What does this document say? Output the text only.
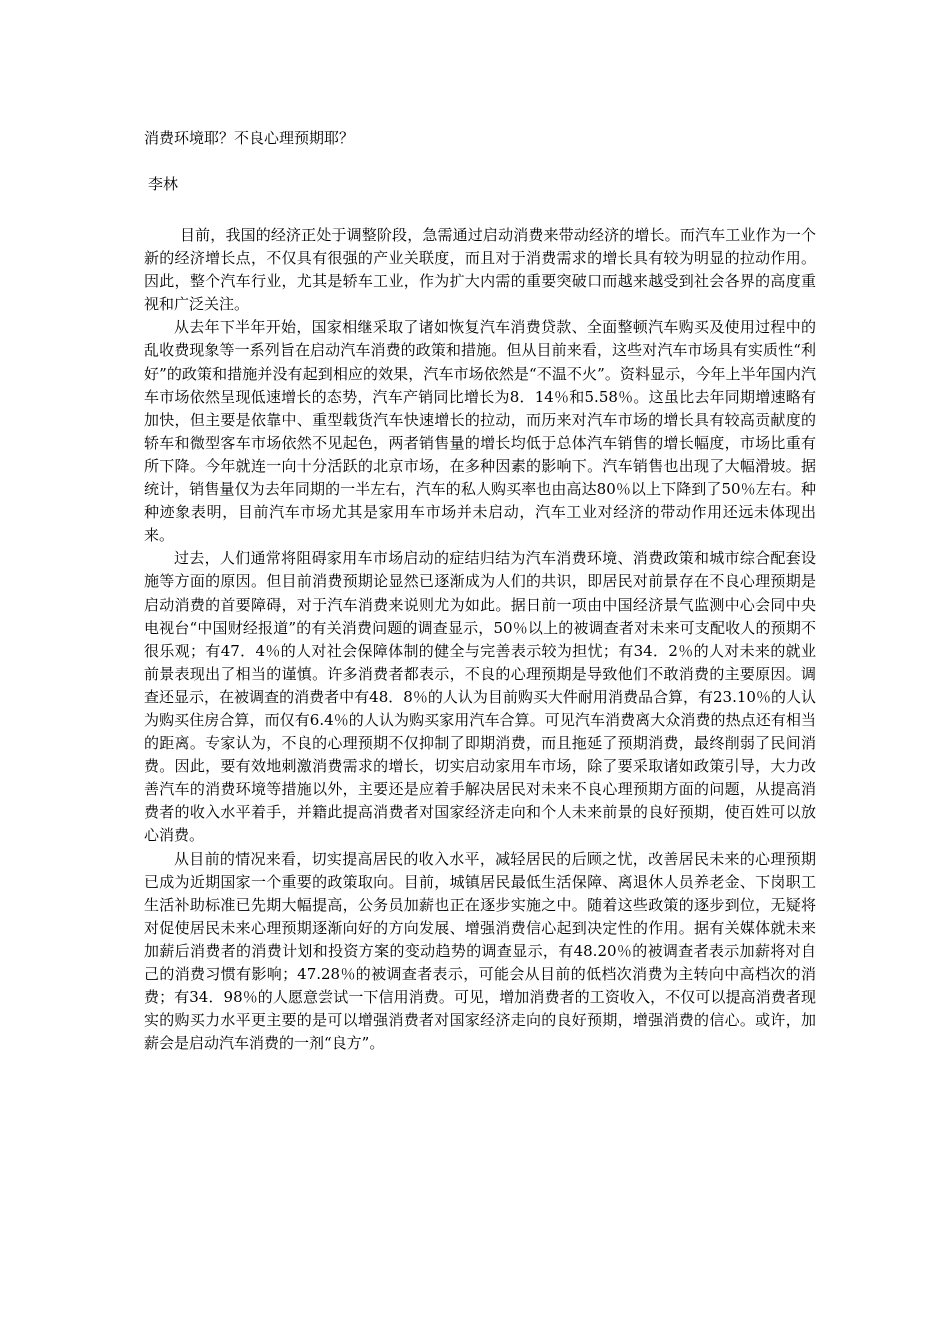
消费环境耶？不良心理预期耶？
李林

目前，我国的经济正处于调整阶段，急需通过启动消费来带动经济的增长。而汽车工业作为一个新的经济增长点，不仅具有很强的产业关联度，而且对于消费需求的增长具有较为明显的拉动作用。因此，整个汽车行业，尤其是轿车工业，作为扩大内需的重要突破口而越来越受到社会各界的高度重视和广泛关注。

从去年下半年开始，国家相继采取了诸如恢复汽车消费贷款、全面整顿汽车购买及使用过程中的乱收费现象等一系列旨在启动汽车消费的政策和措施。但从目前来看，这些对汽车市场具有实质性“利好”的政策和措施并没有起到相应的效果，汽车市场依然是“不温不火”。资料显示，今年上半年国内汽车市场依然呈现低速增长的态势，汽车产销同比增长为8．14％和5.58％。这虽比去年同期增速略有加快，但主要是依靠中、重型载货汽车快速增长的拉动，而历来对汽车市场的增长具有较高贡献度的轿车和微型客车市场依然不见起色，两者销售量的增长均低于总体汽车销售的增长幅度，市场比重有所下降。今年就连一向十分活跃的北京市场，在多种因素的影响下。汽车销售也出现了大幅滑坡。据统计，销售量仅为去年同期的一半左右，汽车的私人购买率也由高达80％以上下降到了50％左右。种种迹象表明，目前汽车市场尤其是家用车市场并未启动，汽车工业对经济的带动作用还远未体现出来。

过去，人们通常将阻碍家用车市场启动的症结归结为汽车消费环境、消费政策和城市综合配套设施等方面的原因。但目前消费预期论显然已逐渐成为人们的共识，即居民对前景存在不良心理预期是启动消费的首要障碍，对于汽车消费来说则尤为如此。据日前一项由中国经济景气监测中心会同中央电视台“中国财经报道”的有关消费问题的调查显示，50％以上的被调查者对未来可支配收人的预期不很乐观；有47．4％的人对社会保障体制的健全与完善表示较为担忧；有34．2％的人对未来的就业前景表现出了相当的谨慎。许多消费者都表示，不良的心理预期是导致他们不敢消费的主要原因。调查还显示，在被调查的消费者中有48．8％的人认为目前购买大件耐用消费品合算，有23.10％的人认为购买住房合算，而仅有6.4％的人认为购买家用汽车合算。可见汽车消费离大众消费的热点还有相当的距离。专家认为，不良的心理预期不仅抑制了即期消费，而且拖延了预期消费，最终削弱了民间消费。因此，要有效地刺激消费需求的增长，切实启动家用车市场，除了要采取诸如政策引导，大力改善汽车的消费环境等措施以外，主要还是应着手解决居民对未来不良心理预期方面的问题，从提高消费者的收入水平着手，并籍此提高消费者对国家经济走向和个人未来前景的良好预期，使百姓可以放心消费。

从目前的情况来看，切实提高居民的收入水平，减轻居民的后顾之忧，改善居民未来的心理预期已成为近期国家一个重要的政策取向。目前，城镇居民最低生活保障、离退休人员养老金、下岗职工生活补助标准已先期大幅提高，公务员加薪也正在逐步实施之中。随着这些政策的逐步到位，无疑将对促使居民未来心理预期逐渐向好的方向发展、增强消费信心起到决定性的作用。据有关媒体就未来加薪后消费者的消费计划和投资方案的变动趋势的调查显示，有48.20％的被调查者表示加薪将对自己的消费习惯有影响；47.28％的被调查者表示，可能会从目前的低档次消费为主转向中高档次的消费；有34．98％的人愿意尝试一下信用消费。可见，增加消费者的工资收入，不仅可以提高消费者现实的购买力水平更主要的是可以增强消费者对国家经济走向的良好预期，增强消费的信心。或许，加薪会是启动汽车消费的一剂“良方”。
